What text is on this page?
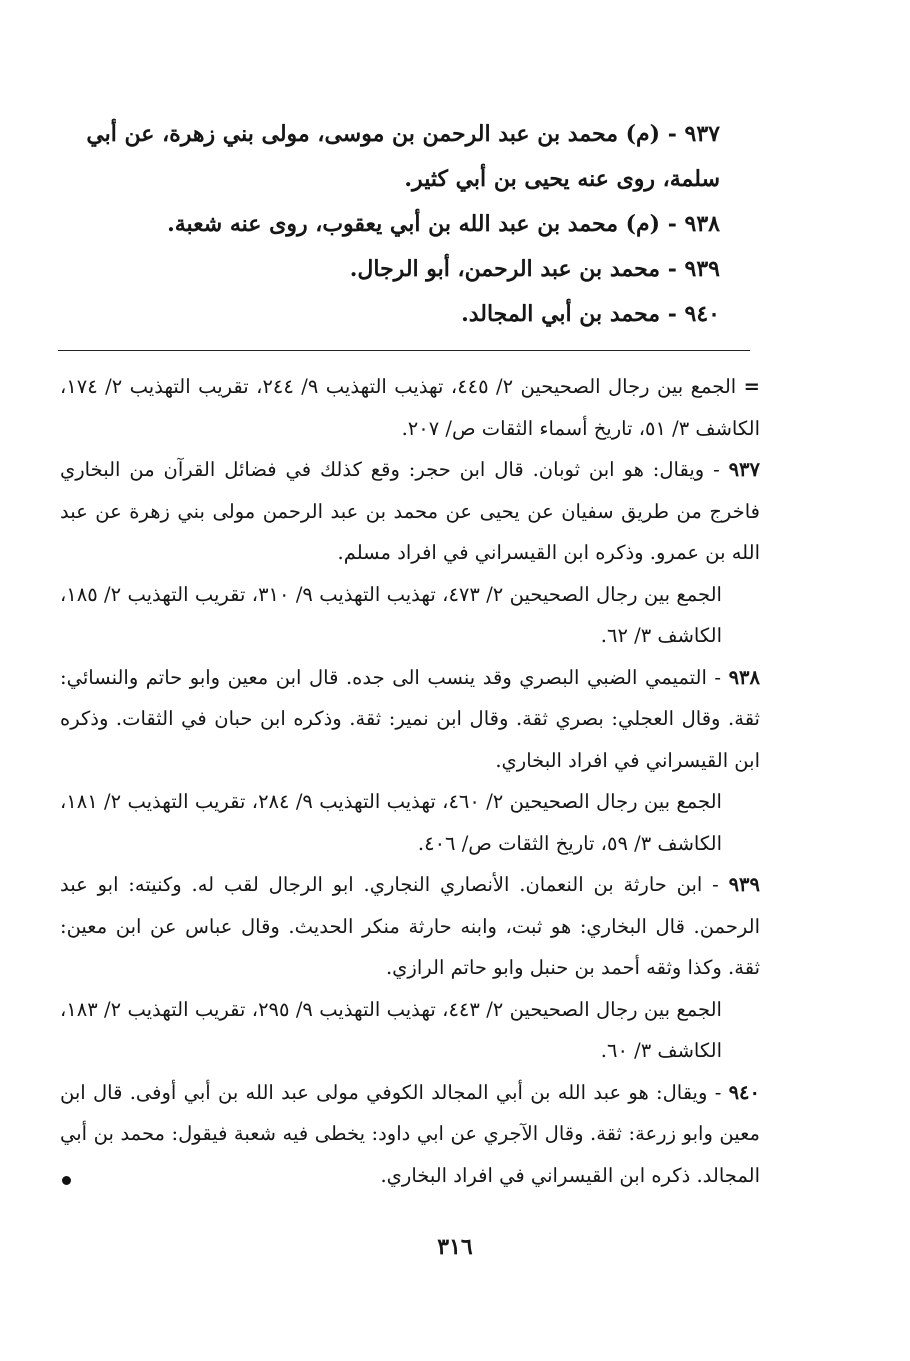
٩٣٧ - (م) محمد بن عبد الرحمن بن موسى، مولى بني زهرة، عن أبي سلمة، روى عنه يحيى بن أبي كثير.

٩٣٨ - (م) محمد بن عبد الله بن أبي يعقوب، روى عنه شعبة.

٩٣٩ - محمد بن عبد الرحمن، أبو الرجال.

٩٤٠ - محمد بن أبي المجالد.

= الجمع بين رجال الصحيحين ٢/ ٤٤٥، تهذيب التهذيب ٩/ ٢٤٤، تقريب التهذيب ٢/ ١٧٤، الكاشف ٣/ ٥١، تاريخ أسماء الثقات ص/ ٢٠٧.

٩٣٧ - ويقال: هو ابن ثوبان. قال ابن حجر: وقع كذلك في فضائل القرآن من البخاري فاخرج من طريق سفيان عن يحيى عن محمد بن عبد الرحمن مولى بني زهرة عن عبد الله بن عمرو. وذكره ابن القيسراني في افراد مسلم.

الجمع بين رجال الصحيحين ٢/ ٤٧٣، تهذيب التهذيب ٩/ ٣١٠، تقريب التهذيب ٢/ ١٨٥، الكاشف ٣/ ٦٢.

٩٣٨ - التميمي الضبي البصري وقد ينسب الى جده. قال ابن معين وابو حاتم والنسائي: ثقة. وقال العجلي: بصري ثقة. وقال ابن نمير: ثقة. وذكره ابن حبان في الثقات. وذكره ابن القيسراني في افراد البخاري.

الجمع بين رجال الصحيحين ٢/ ٤٦٠، تهذيب التهذيب ٩/ ٢٨٤، تقريب التهذيب ٢/ ١٨١، الكاشف ٣/ ٥٩، تاريخ الثقات ص/ ٤٠٦.

٩٣٩ - ابن حارثة بن النعمان. الأنصاري النجاري. ابو الرجال لقب له. وكنيته: ابو عبد الرحمن. قال البخاري: هو ثبت، وابنه حارثة منكر الحديث. وقال عباس عن ابن معين: ثقة. وكذا وثقه أحمد بن حنبل وابو حاتم الرازي.

الجمع بين رجال الصحيحين ٢/ ٤٤٣، تهذيب التهذيب ٩/ ٢٩٥، تقريب التهذيب ٢/ ١٨٣، الكاشف ٣/ ٦٠.

٩٤٠ - ويقال: هو عبد الله بن أبي المجالد الكوفي مولى عبد الله بن أبي أوفى. قال ابن معين وابو زرعة: ثقة. وقال الآجري عن ابي داود: يخطى فيه شعبة فيقول: محمد بن أبي المجالد. ذكره ابن القيسراني في افراد البخاري.

٣١٦
